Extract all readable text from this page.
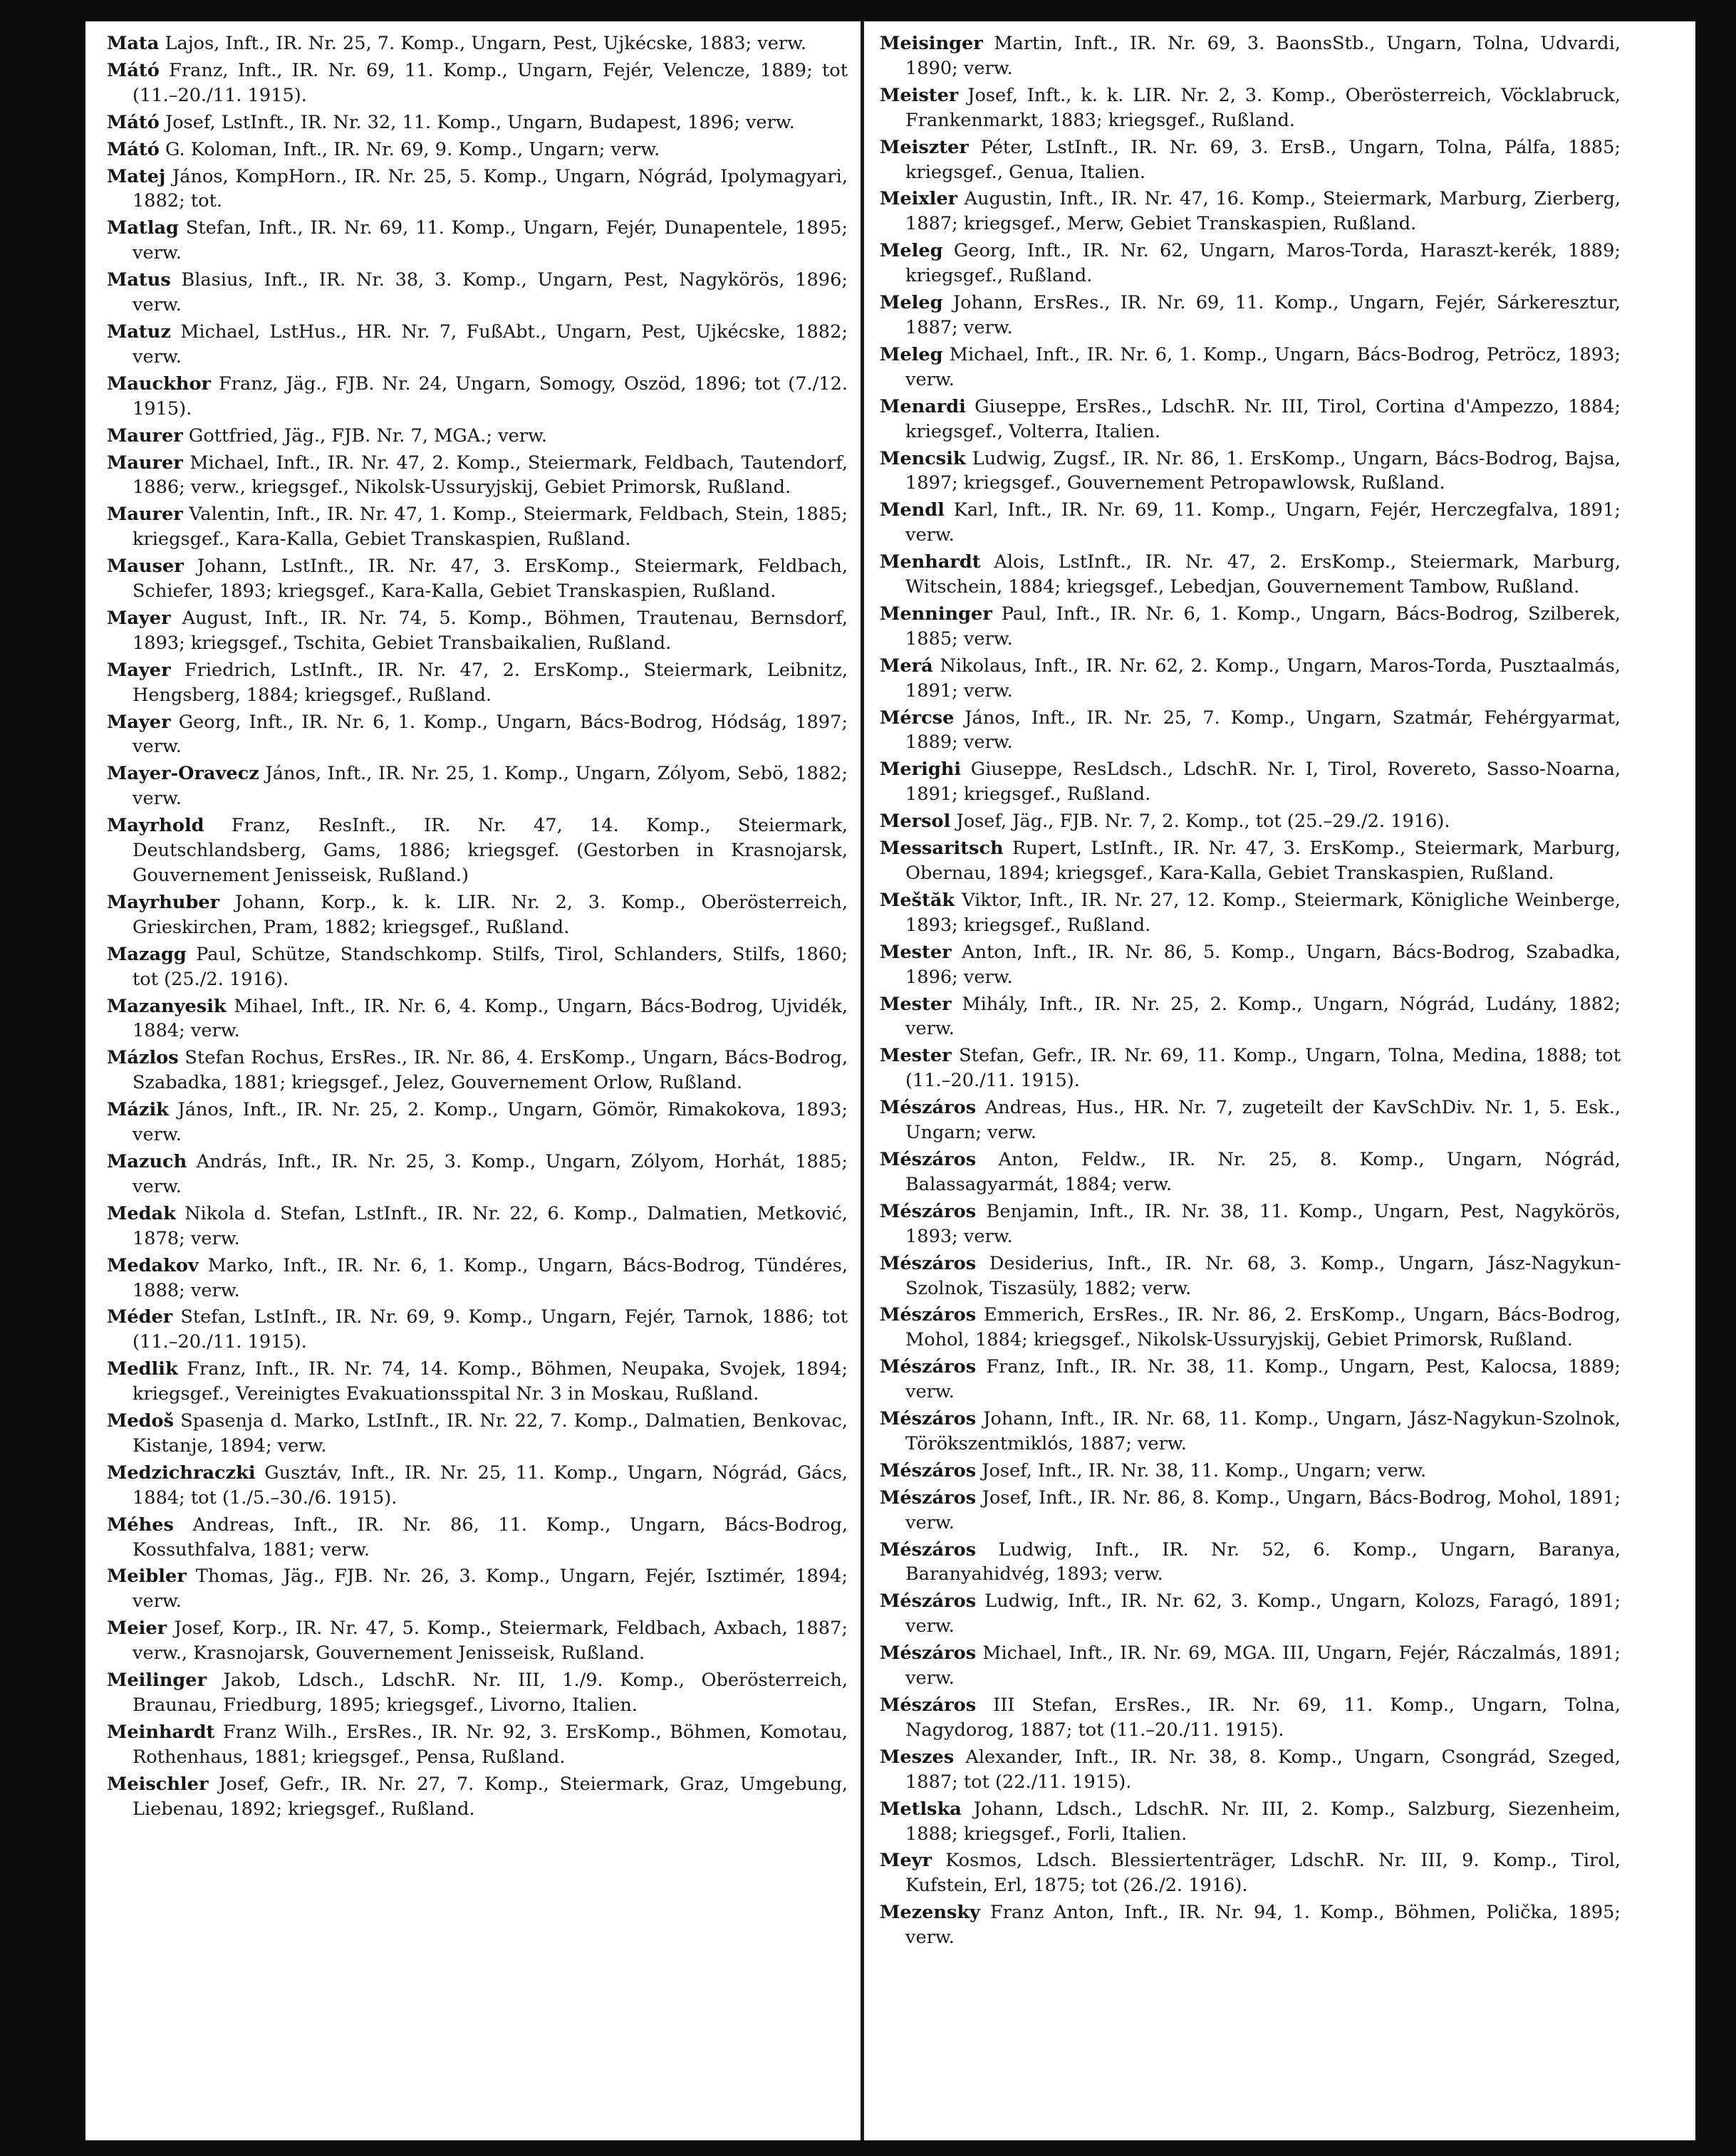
Mata Lajos, Inft., IR. Nr. 25, 7. Komp., Ungarn, Pest, Ujkécske, 1883; verw.

Mátó Franz, Inft., IR. Nr. 69, 11. Komp., Ungarn, Fejér, Velencze, 1889; tot (11.–20./11. 1915).

Mátó Josef, LstInft., IR. Nr. 32, 11. Komp., Ungarn, Budapest, 1896; verw.

Mátó G. Koloman, Inft., IR. Nr. 69, 9. Komp., Ungarn; verw.

Matej János, KompHorn., IR. Nr. 25, 5. Komp., Ungarn, Nógrád, Ipolymagyari, 1882; tot.

Matlag Stefan, Inft., IR. Nr. 69, 11. Komp., Ungarn, Fejér, Dunapentele, 1895; verw.

Matus Blasius, Inft., IR. Nr. 38, 3. Komp., Ungarn, Pest, Nagykörös, 1896; verw.

Matuz Michael, LstHus., HR. Nr. 7, FußAbt., Ungarn, Pest, Ujkécske, 1882; verw.

Mauckhor Franz, Jäg., FJB. Nr. 24, Ungarn, Somogy, Oszöd, 1896; tot (7./12. 1915).

Maurer Gottfried, Jäg., FJB. Nr. 7, MGA.; verw.

Maurer Michael, Inft., IR. Nr. 47, 2. Komp., Steiermark, Feldbach, Tautendorf, 1886; verw., kriegsgef., Nikolsk-Ussuryjskij, Gebiet Primorsk, Rußland.

Maurer Valentin, Inft., IR. Nr. 47, 1. Komp., Steiermark, Feldbach, Stein, 1885; kriegsgef., Kara-Kalla, Gebiet Transkaspien, Rußland.

Mauser Johann, LstInft., IR. Nr. 47, 3. ErsKomp., Steiermark, Feldbach, Schiefer, 1893; kriegsgef., Kara-Kalla, Gebiet Transkaspien, Rußland.

Mayer August, Inft., IR. Nr. 74, 5. Komp., Böhmen, Trautenau, Bernsdorf, 1893; kriegsgef., Tschita, Gebiet Transbaikalien, Rußland.

Mayer Friedrich, LstInft., IR. Nr. 47, 2. ErsKomp., Steiermark, Leibnitz, Hengsberg, 1884; kriegsgef., Rußland.

Mayer Georg, Inft., IR. Nr. 6, 1. Komp., Ungarn, Bács-Bodrog, Hódság, 1897; verw.

Mayer-Oravecz János, Inft., IR. Nr. 25, 1. Komp., Ungarn, Zólyom, Sebö, 1882; verw.

Mayrhold Franz, ResInft., IR. Nr. 47, 14. Komp., Steiermark, Deutschlandsberg, Gams, 1886; kriegsgef. (Gestorben in Krasnojarsk, Gouvernement Jenisseisk, Rußland.)

Mayrhuber Johann, Korp., k. k. LIR. Nr. 2, 3. Komp., Oberösterreich, Grieskirchen, Pram, 1882; kriegsgef., Rußland.

Mazagg Paul, Schütze, Standschkomp. Stilfs, Tirol, Schlanders, Stilfs, 1860; tot (25./2. 1916).

Mazanyesik Mihael, Inft., IR. Nr. 6, 4. Komp., Ungarn, Bács-Bodrog, Ujvidék, 1884; verw.

Mázlos Stefan Rochus, ErsRes., IR. Nr. 86, 4. ErsKomp., Ungarn, Bács-Bodrog, Szabadka, 1881; kriegsgef., Jelez, Gouvernement Orlow, Rußland.

Mázik János, Inft., IR. Nr. 25, 2. Komp., Ungarn, Gömör, Rimakokova, 1893; verw.

Mazuch András, Inft., IR. Nr. 25, 3. Komp., Ungarn, Zólyom, Horhát, 1885; verw.

Medak Nikola d. Stefan, LstInft., IR. Nr. 22, 6. Komp., Dalmatien, Metković, 1878; verw.

Medakov Marko, Inft., IR. Nr. 6, 1. Komp., Ungarn, Bács-Bodrog, Tündéres, 1888; verw.

Méder Stefan, LstInft., IR. Nr. 69, 9. Komp., Ungarn, Fejér, Tarnok, 1886; tot (11.–20./11. 1915).

Medlik Franz, Inft., IR. Nr. 74, 14. Komp., Böhmen, Neupaka, Svojek, 1894; kriegsgef., Vereinigtes Evakuationsspital Nr. 3 in Moskau, Rußland.

Medoš Spasenja d. Marko, LstInft., IR. Nr. 22, 7. Komp., Dalmatien, Benkovac, Kistanje, 1894; verw.

Medzichraczki Gusztáv, Inft., IR. Nr. 25, 11. Komp., Ungarn, Nógrád, Gács, 1884; tot (1./5.–30./6. 1915).

Méhes Andreas, Inft., IR. Nr. 86, 11. Komp., Ungarn, Bács-Bodrog, Kossuthfalva, 1881; verw.

Meibler Thomas, Jäg., FJB. Nr. 26, 3. Komp., Ungarn, Fejér, Isztimér, 1894; verw.

Meier Josef, Korp., IR. Nr. 47, 5. Komp., Steiermark, Feldbach, Axbach, 1887; verw., Krasnojarsk, Gouvernement Jenisseisk, Rußland.

Meilinger Jakob, Ldsch., LdschR. Nr. III, 1./9. Komp., Oberösterreich, Braunau, Friedburg, 1895; kriegsgef., Livorno, Italien.

Meinhardt Franz Wilh., ErsRes., IR. Nr. 92, 3. ErsKomp., Böhmen, Komotau, Rothenhaus, 1881; kriegsgef., Pensa, Rußland.

Meischler Josef, Gefr., IR. Nr. 27, 7. Komp., Steiermark, Graz, Umgebung, Liebenau, 1892; kriegsgef., Rußland.

Meisinger Martin, Inft., IR. Nr. 69, 3. BaonsStb., Ungarn, Tolna, Udvardi, 1890; verw.

Meister Josef, Inft., k. k. LIR. Nr. 2, 3. Komp., Oberösterreich, Vöcklabruck, Frankenmarkt, 1883; kriegsgef., Rußland.

Meiszter Péter, LstInft., IR. Nr. 69, 3. ErsB., Ungarn, Tolna, Pálfa, 1885; kriegsgef., Genua, Italien.

Meixler Augustin, Inft., IR. Nr. 47, 16. Komp., Steiermark, Marburg, Zierberg, 1887; kriegsgef., Merw, Gebiet Transkaspien, Rußland.

Meleg Georg, Inft., IR. Nr. 62, Ungarn, Maros-Torda, Haraszt-kerék, 1889; kriegsgef., Rußland.

Meleg Johann, ErsRes., IR. Nr. 69, 11. Komp., Ungarn, Fejér, Sárkeresztur, 1887; verw.

Meleg Michael, Inft., IR. Nr. 6, 1. Komp., Ungarn, Bács-Bodrog, Petröcz, 1893; verw.

Menardi Giuseppe, ErsRes., LdschR. Nr. III, Tirol, Cortina d'Ampezzo, 1884; kriegsgef., Volterra, Italien.

Mencsik Ludwig, Zugsf., IR. Nr. 86, 1. ErsKomp., Ungarn, Bács-Bodrog, Bajsa, 1897; kriegsgef., Gouvernement Petropawlowsk, Rußland.

Mendl Karl, Inft., IR. Nr. 69, 11. Komp., Ungarn, Fejér, Herczegfalva, 1891; verw.

Menhardt Alois, LstInft., IR. Nr. 47, 2. ErsKomp., Steiermark, Marburg, Witschein, 1884; kriegsgef., Lebedjan, Gouvernement Tambow, Rußland.

Menninger Paul, Inft., IR. Nr. 6, 1. Komp., Ungarn, Bács-Bodrog, Szilberek, 1885; verw.

Merá Nikolaus, Inft., IR. Nr. 62, 2. Komp., Ungarn, Maros-Torda, Pusztaalmás, 1891; verw.

Mércse János, Inft., IR. Nr. 25, 7. Komp., Ungarn, Szatmár, Fehérgyarmat, 1889; verw.

Merighi Giuseppe, ResLdsch., LdschR. Nr. I, Tirol, Rovereto, Sasso-Noarna, 1891; kriegsgef., Rußland.

Mersol Josef, Jäg., FJB. Nr. 7, 2. Komp., tot (25.–29./2. 1916).

Messaritsch Rupert, LstInft., IR. Nr. 47, 3. ErsKomp., Steiermark, Marburg, Obernau, 1894; kriegsgef., Kara-Kalla, Gebiet Transkaspien, Rußland.

Meštăk Viktor, Inft., IR. Nr. 27, 12. Komp., Steiermark, Königliche Weinberge, 1893; kriegsgef., Rußland.

Mester Anton, Inft., IR. Nr. 86, 5. Komp., Ungarn, Bács-Bodrog, Szabadka, 1896; verw.

Mester Mihály, Inft., IR. Nr. 25, 2. Komp., Ungarn, Nógrád, Ludány, 1882; verw.

Mester Stefan, Gefr., IR. Nr. 69, 11. Komp., Ungarn, Tolna, Medina, 1888; tot (11.–20./11. 1915).

Mészáros Andreas, Hus., HR. Nr. 7, zugeteilt der KavSchDiv. Nr. 1, 5. Esk., Ungarn; verw.

Mészáros Anton, Feldw., IR. Nr. 25, 8. Komp., Ungarn, Nógrád, Balassagyarmát, 1884; verw.

Mészáros Benjamin, Inft., IR. Nr. 38, 11. Komp., Ungarn, Pest, Nagykörös, 1893; verw.

Mészáros Desiderius, Inft., IR. Nr. 68, 3. Komp., Ungarn, Jász-Nagykun-Szolnok, Tiszasüly, 1882; verw.

Mészáros Emmerich, ErsRes., IR. Nr. 86, 2. ErsKomp., Ungarn, Bács-Bodrog, Mohol, 1884; kriegsgef., Nikolsk-Ussuryjskij, Gebiet Primorsk, Rußland.

Mészáros Franz, Inft., IR. Nr. 38, 11. Komp., Ungarn, Pest, Kalocsa, 1889; verw.

Mészáros Johann, Inft., IR. Nr. 68, 11. Komp., Ungarn, Jász-Nagykun-Szolnok, Törökszentmiklós, 1887; verw.

Mészáros Josef, Inft., IR. Nr. 38, 11. Komp., Ungarn; verw.

Mészáros Josef, Inft., IR. Nr. 86, 8. Komp., Ungarn, Bács-Bodrog, Mohol, 1891; verw.

Mészáros Ludwig, Inft., IR. Nr. 52, 6. Komp., Ungarn, Baranya, Baranyahidvég, 1893; verw.

Mészáros Ludwig, Inft., IR. Nr. 62, 3. Komp., Ungarn, Kolozs, Faragó, 1891; verw.

Mészáros Michael, Inft., IR. Nr. 69, MGA. III, Ungarn, Fejér, Ráczalmás, 1891; verw.

Mészáros III Stefan, ErsRes., IR. Nr. 69, 11. Komp., Ungarn, Tolna, Nagydorog, 1887; tot (11.–20./11. 1915).

Meszes Alexander, Inft., IR. Nr. 38, 8. Komp., Ungarn, Csongrád, Szeged, 1887; tot (22./11. 1915).

Metlska Johann, Ldsch., LdschR. Nr. III, 2. Komp., Salzburg, Siezenheim, 1888; kriegsgef., Forli, Italien.

Meyr Kosmos, Ldsch. Blessiertenträger, LdschR. Nr. III, 9. Komp., Tirol, Kufstein, Erl, 1875; tot (26./2. 1916).

Mezensky Franz Anton, Inft., IR. Nr. 94, 1. Komp., Böhmen, Polička, 1895; verw.
